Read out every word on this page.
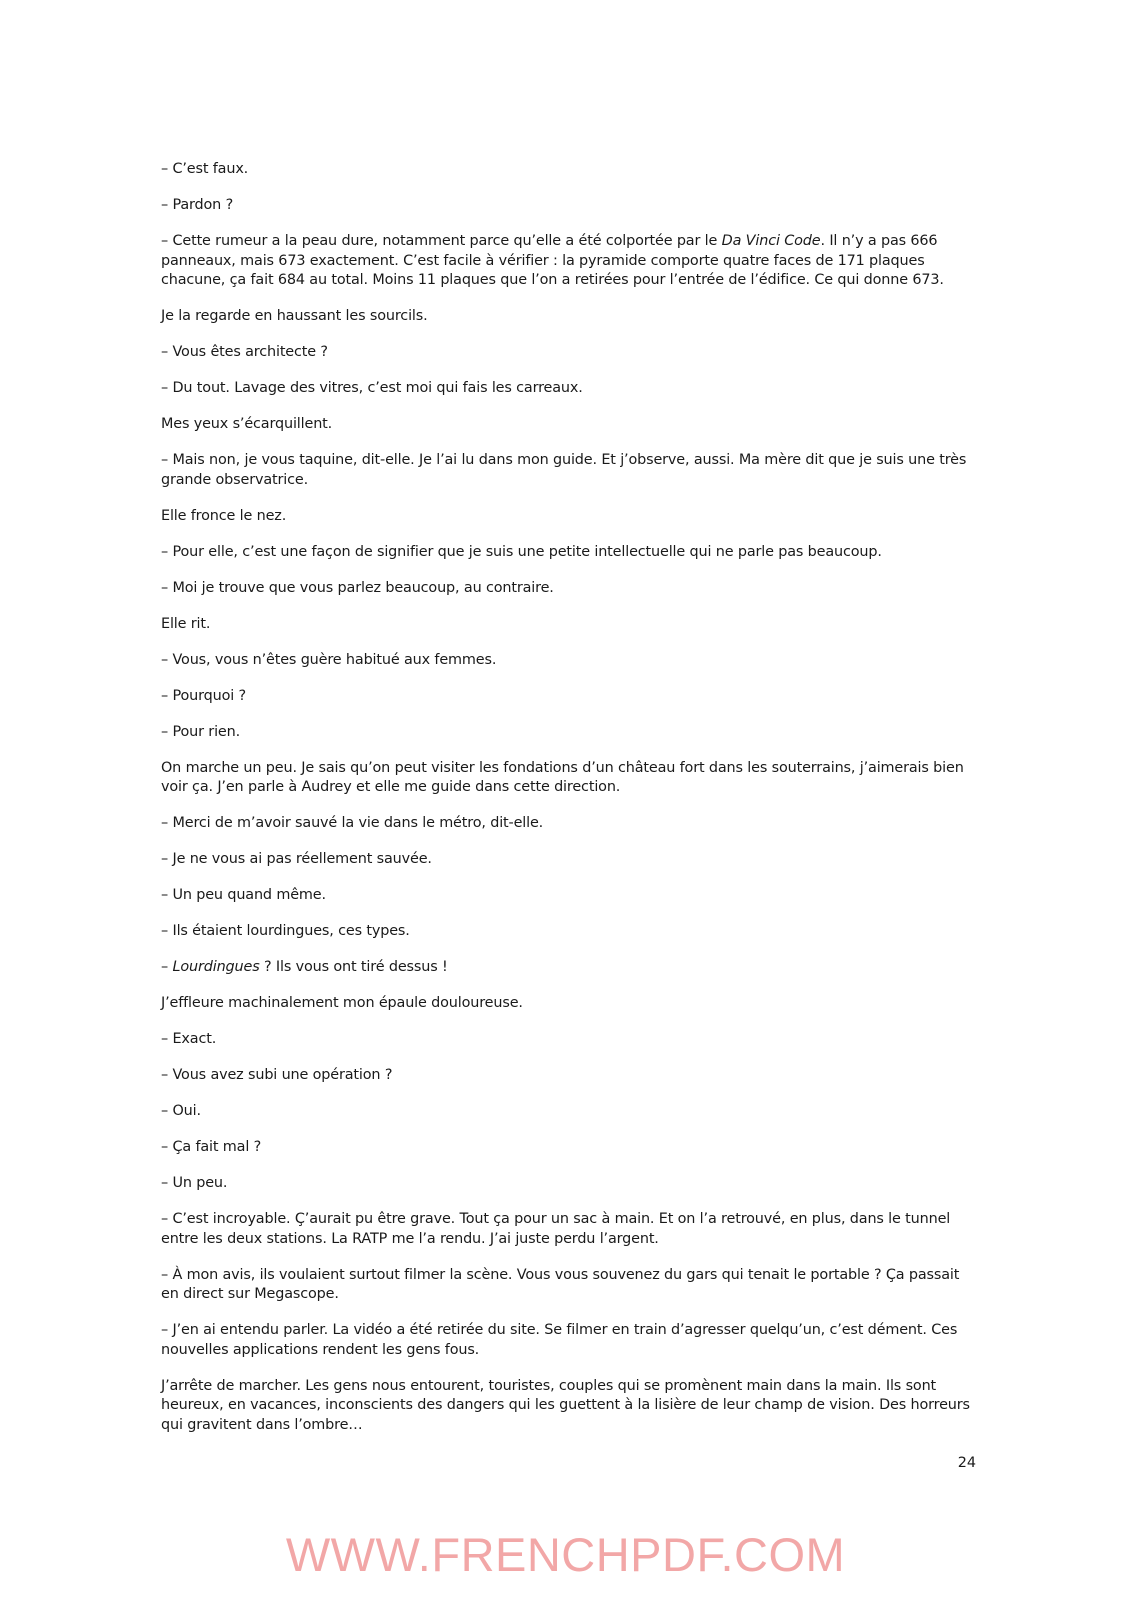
– C’est faux.

– Pardon ?

– Cette rumeur a la peau dure, notamment parce qu’elle a été colportée par le Da Vinci Code. Il n’y a pas 666 panneaux, mais 673 exactement. C’est facile à vérifier : la pyramide comporte quatre faces de 171 plaques chacune, ça fait 684 au total. Moins 11 plaques que l’on a retirées pour l’entrée de l’édifice. Ce qui donne 673.

Je la regarde en haussant les sourcils.

– Vous êtes architecte ?

– Du tout. Lavage des vitres, c’est moi qui fais les carreaux.

Mes yeux s’écarquillent.

– Mais non, je vous taquine, dit-elle. Je l’ai lu dans mon guide. Et j’observe, aussi. Ma mère dit que je suis une très grande observatrice.

Elle fronce le nez.

– Pour elle, c’est une façon de signifier que je suis une petite intellectuelle qui ne parle pas beaucoup.

– Moi je trouve que vous parlez beaucoup, au contraire.

Elle rit.

– Vous, vous n’êtes guère habitué aux femmes.

– Pourquoi ?

– Pour rien.

On marche un peu. Je sais qu’on peut visiter les fondations d’un château fort dans les souterrains, j’aimerais bien voir ça. J’en parle à Audrey et elle me guide dans cette direction.

– Merci de m’avoir sauvé la vie dans le métro, dit-elle.

– Je ne vous ai pas réellement sauvée.

– Un peu quand même.

– Ils étaient lourdingues, ces types.

– Lourdingues ? Ils vous ont tiré dessus !

J’effleure machinalement mon épaule douloureuse.

– Exact.

– Vous avez subi une opération ?

– Oui.

– Ça fait mal ?

– Un peu.

– C’est incroyable. Ç’aurait pu être grave. Tout ça pour un sac à main. Et on l’a retrouvé, en plus, dans le tunnel entre les deux stations. La RATP me l’a rendu. J’ai juste perdu l’argent.

– À mon avis, ils voulaient surtout filmer la scène. Vous vous souvenez du gars qui tenait le portable ? Ça passait en direct sur Megascope.

– J’en ai entendu parler. La vidéo a été retirée du site. Se filmer en train d’agresser quelqu’un, c’est dément. Ces nouvelles applications rendent les gens fous.

J’arrête de marcher. Les gens nous entourent, touristes, couples qui se promènent main dans la main. Ils sont heureux, en vacances, inconscients des dangers qui les guettent à la lisière de leur champ de vision. Des horreurs qui gravitent dans l’ombre…

24
WWW.FRENCHPDF.COM
